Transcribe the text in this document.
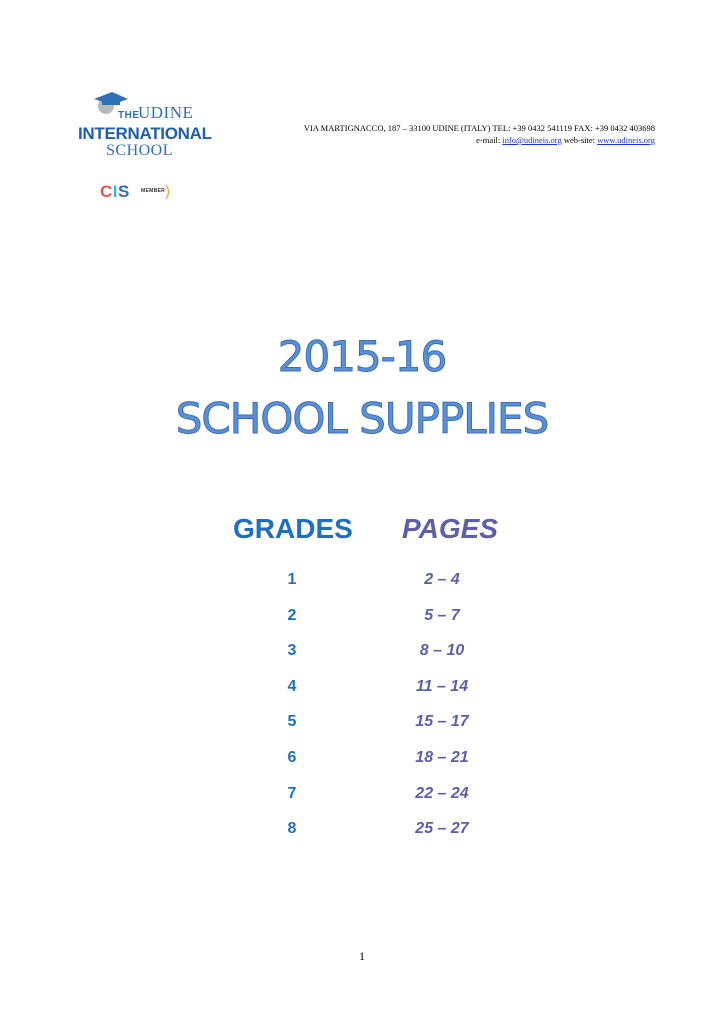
THE
UDINE
INTERNATIONAL
SCHOOL
CIS MEMBER )
VIA MARTIGNACCO, 187 – 33100 UDINE (ITALY) TEL: +39 0432 541119 FAX: +39 0432 403698
e-mail: info@udineis.org web-site: www.udineis.org
2015-16
SCHOOL SUPPLIES
GRADES PAGES
1	2 – 4
2	5 – 7
3	8 – 10
4	11 – 14
5	15 – 17
6	18 – 21
7	22 – 24
8	25 – 27
1
